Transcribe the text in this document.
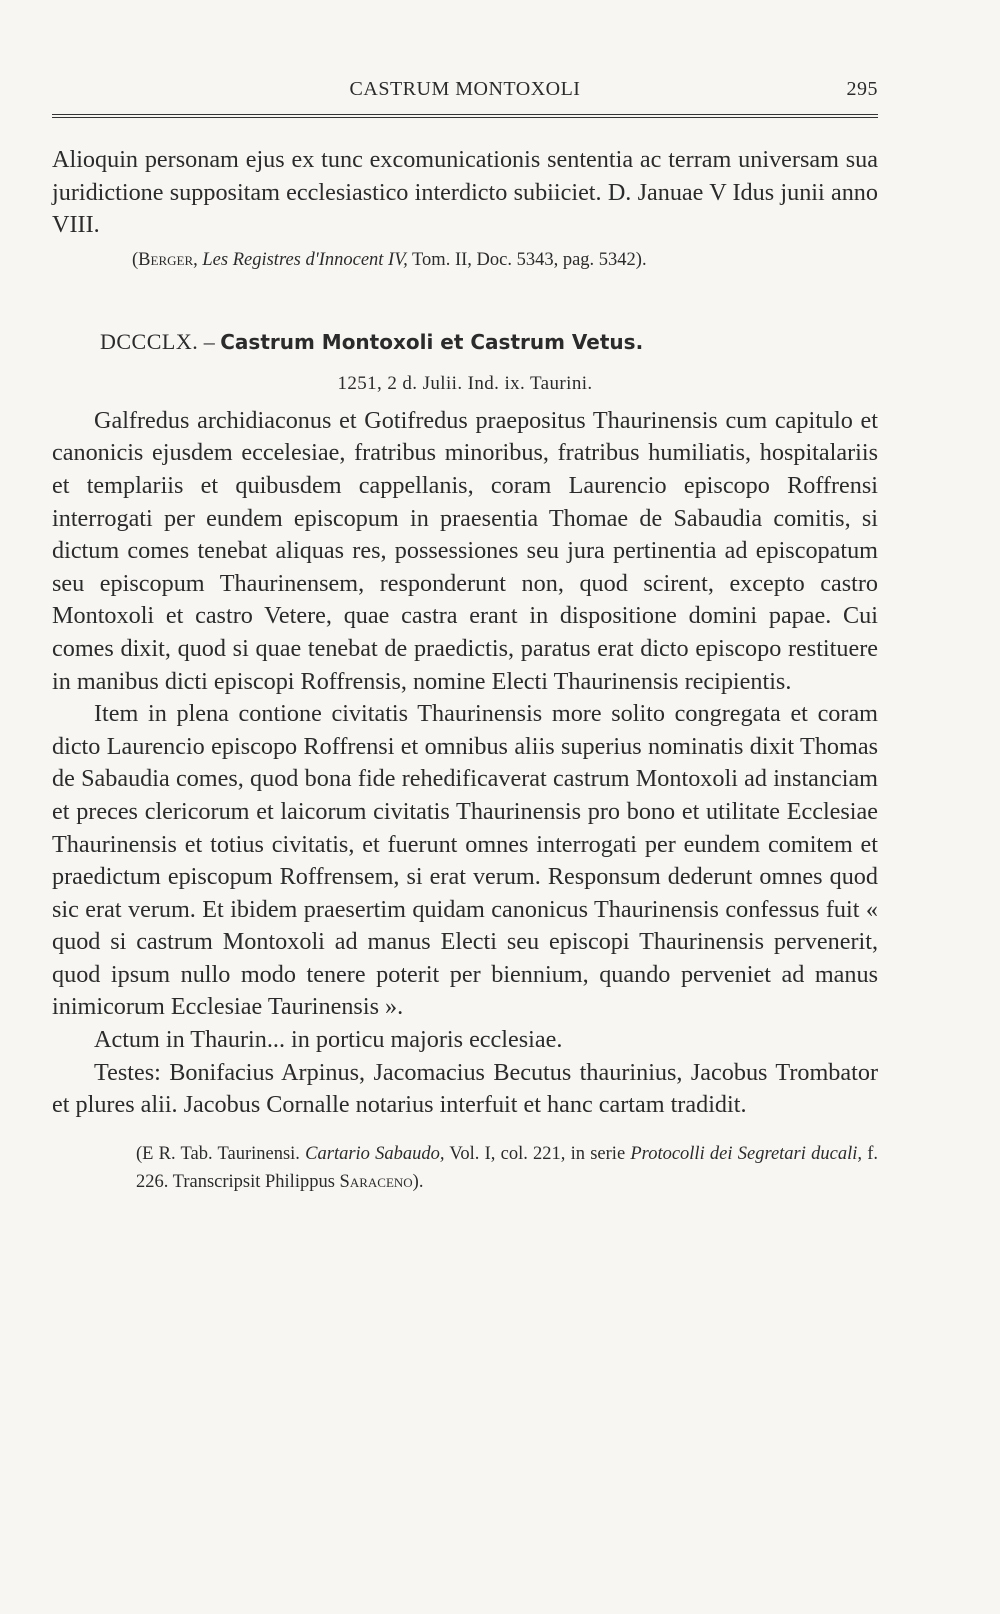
CASTRUM MONTOXOLI	295

Alioquin personam ejus ex tunc excomunicationis sententia ac terram universam sua juridictione suppositam ecclesiastico interdicto subiiciet. D. Januae V Idus junii anno VIII.

(Berger, Les Registres d'Innocent IV, Tom. II, Doc. 5343, pag. 5342).

DCCCLX. – Castrum Montoxoli et Castrum Vetus.
1251, 2 d. Julii. Ind. ix. Taurini.

Galfredus archidiaconus et Gotifredus praepositus Thaurinensis cum capitulo et canonicis ejusdem eccelesiae, fratribus minoribus, fratribus humiliatis, hospitalariis et templariis et quibusdem cappellanis, coram Laurencio episcopo Roffrensi interrogati per eundem episcopum in praesentia Thomae de Sabaudia comitis, si dictum comes tenebat aliquas res, possessiones seu jura pertinentia ad episcopatum seu episcopum Thaurinensem, responderunt non, quod scirent, excepto castro Montoxoli et castro Vetere, quae castra erant in dispositione domini papae. Cui comes dixit, quod si quae tenebat de praedictis, paratus erat dicto episcopo restituere in manibus dicti episcopi Roffrensis, nomine Electi Thaurinensis recipientis.

Item in plena contione civitatis Thaurinensis more solito congregata et coram dicto Laurencio episcopo Roffrensi et omnibus aliis superius nominatis dixit Thomas de Sabaudia comes, quod bona fide rehedificaverat castrum Montoxoli ad instanciam et preces clericorum et laicorum civitatis Thaurinensis pro bono et utilitate Ecclesiae Thaurinensis et totius civitatis, et fuerunt omnes interrogati per eundem comitem et praedictum episcopum Roffrensem, si erat verum. Responsum dederunt omnes quod sic erat verum. Et ibidem praesertim quidam canonicus Thaurinensis confessus fuit « quod si castrum Montoxoli ad manus Electi seu episcopi Thaurinensis pervenerit, quod ipsum nullo modo tenere poterit per biennium, quando perveniet ad manus inimicorum Ecclesiae Taurinensis ».

Actum in Thaurin... in porticu majoris ecclesiae.

Testes: Bonifacius Arpinus, Jacomacius Becutus thaurinius, Jacobus Trombator et plures alii. Jacobus Cornalle notarius interfuit et hanc cartam tradidit.

(E R. Tab. Taurinensi. Cartario Sabaudo, Vol. I, col. 221, in serie Protocolli dei Segretari ducali, f. 226. Transcripsit Philippus Saraceno).
